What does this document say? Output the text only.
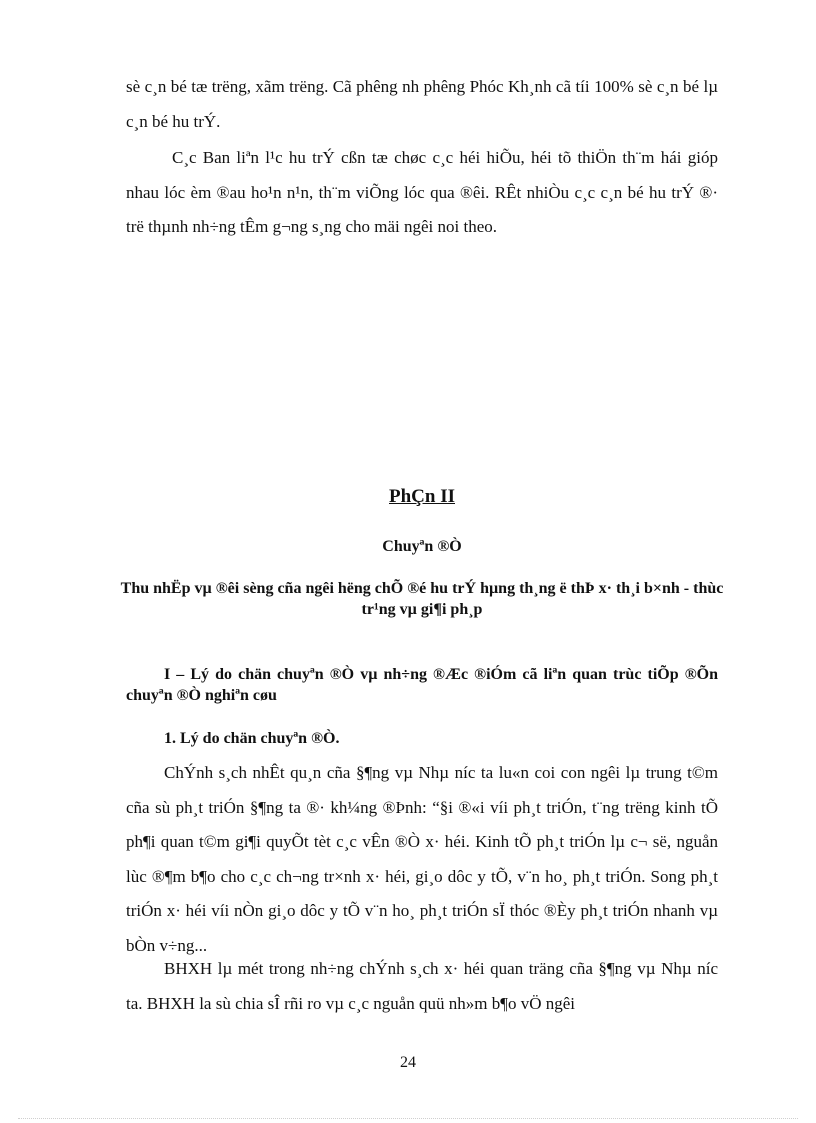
sè c¸n bé tæ trëng, xãm trëng. Cã phêng nh phêng Phóc Kh¸nh cã tíi 100% sè c¸n bé lµ c¸n bé hu trÝ.

C¸c Ban liªn l¹c hu trÝ cßn tæ chøc c¸c héi hiÕu, héi tõ thiÖn th¨m hái gióp nhau lóc èm ®au ho¹n n¹n, th¨m viÕng lóc qua ®êi. RÊt nhiÒu c¸c c¸n bé hu trÝ ®· trë thµnh nh÷ng tÊm g¬ng s¸ng cho mäi ngêi noi theo.

PhÇn II

Chuyªn ®Ò

Thu nhËp vµ ®êi sèng cña ngêi hëng chÕ ®é hu trÝ hµng th¸ng ë thÞ x· th¸i b×nh - thùc tr¹ng vµ gi¶i ph¸p

I – Lý do chän chuyªn ®Ò vµ nh÷ng ®Æc ®iÓm cã liªn quan trùc tiÕp ®Õn chuyªn ®Ò nghiªn cøu

1. Lý do chän chuyªn ®Ò.

ChÝnh s¸ch nhÊt qu¸n cña §¶ng vµ Nhµ níc ta lu«n coi con ngêi lµ trung t©m cña sù ph¸t triÓn §¶ng ta ®· kh¼ng ®Þnh: “§i ®«i víi ph¸t triÓn, t¨ng trëng kinh tÕ ph¶i quan t©m gi¶i quyÕt tèt c¸c vÊn ®Ò x· héi. Kinh tÕ ph¸t triÓn lµ c¬ së, nguån lùc ®¶m b¶o cho c¸c ch¬ng tr×nh x· héi, gi¸o dôc y tÕ, v¨n ho¸ ph¸t triÓn. Song ph¸t triÓn x· héi víi nÒn gi¸o dôc y tÕ v¨n ho¸ ph¸t triÓn sÏ thóc ®Èy ph¸t triÓn nhanh vµ bÒn v÷ng...

BHXH lµ mét trong nh÷ng chÝnh s¸ch x· héi quan träng cña §¶ng vµ Nhµ níc ta. BHXH la sù chia sÎ rñi ro vµ c¸c nguån quü nh»m b¶o vÖ ngêi

24
